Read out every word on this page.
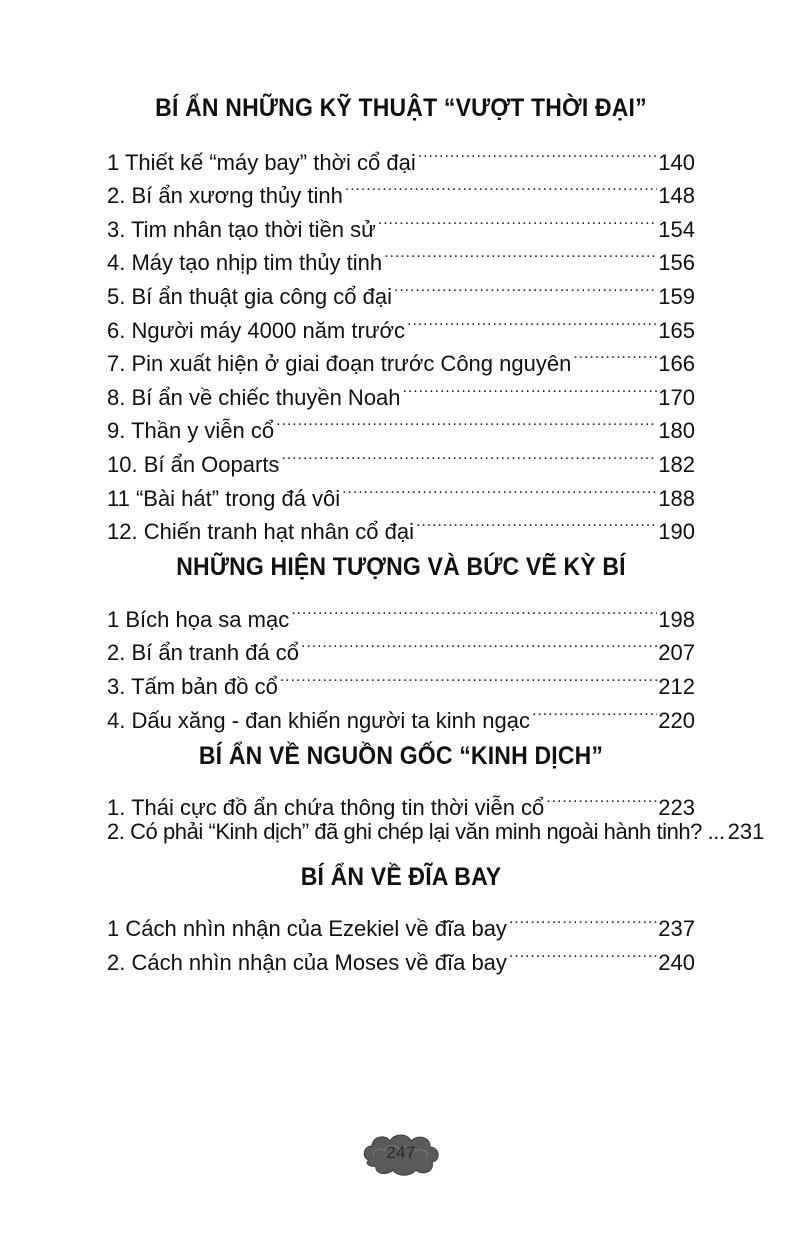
BÍ ẨN NHỮNG KỸ THUẬT “VƯỢT THỜI ĐẠI”
1 Thiết kế “máy bay” thời cổ đại .....	140
2. Bí ẩn xương thủy tinh .....	148
3. Tim nhân tạo thời tiền sử .....	154
4. Máy tạo nhịp tim thủy tinh .....	156
5. Bí ẩn thuật gia công cổ đại .....	159
6. Người máy 4000 năm trước .....	165
7. Pin xuất hiện ở giai đoạn trước Công nguyên .....	166
8. Bí ẩn về chiếc thuyền Noah .....	170
9. Thần y viễn cổ .....	180
10. Bí ẩn Ooparts .....	182
11 “Bài hát” trong đá vôi .....	188
12. Chiến tranh hạt nhân cổ đại .....	190
NHỮNG HIỆN TƯỢNG VÀ BỨC VẼ KỲ BÍ
1 Bích họa sa mạc .....	198
2. Bí ẩn tranh đá cổ .....	207
3. Tấm bản đồ cổ .....	212
4. Dấu xăng - đan khiến người ta kinh ngạc .....	220
BÍ ẨN VỀ NGUỒN GỐC “KINH DỊCH”
1. Thái cực đồ ẩn chứa thông tin thời viễn cổ .....	223
2. Có phải “Kinh dịch” đã ghi chép lại văn minh ngoài hành tinh? ... 231
BÍ ẨN VỀ ĐĨA BAY
1 Cách nhìn nhận của Ezekiel về đĩa bay .....	237
2. Cách nhìn nhận của Moses về đĩa bay .....	240
247
